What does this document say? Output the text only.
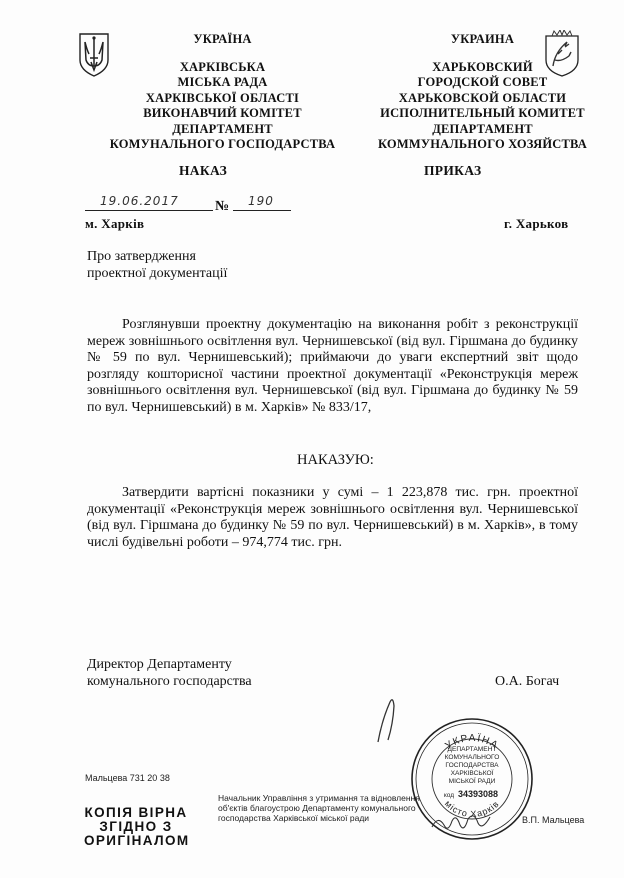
УКРАЇНА
ХАРКІВСЬКА
МІСЬКА РАДА
ХАРКІВСЬКОЇ ОБЛАСТІ
ВИКОНАВЧИЙ КОМІТЕТ
ДЕПАРТАМЕНТ
КОМУНАЛЬНОГО ГОСПОДАРСТВА
УКРАИНА
ХАРЬКОВСКИЙ
ГОРОДСКОЙ СОВЕТ
ХАРЬКОВСКОЙ ОБЛАСТИ
ИСПОЛНИТЕЛЬНЫЙ КОМИТЕТ
ДЕПАРТАМЕНТ
КОММУНАЛЬНОГО ХОЗЯЙСТВА
НАКАЗ	ПРИКАЗ
19.06.2017	№ 190
м. Харків	г. Харьков
Про затвердження
проектної документації
Розглянувши проектну документацію на виконання робіт з реконструкції мереж зовнішнього освітлення вул. Чернишевської (від вул. Гіршмана до будинку № 59 по вул. Чернишевський); приймаючи до уваги експертний звіт щодо розгляду кошторисної частини проектної документації «Реконструкція мереж зовнішнього освітлення вул. Чернишевської (від вул. Гіршмана до будинку № 59 по вул. Чернишевський) в м. Харків» № 833/17,
НАКАЗУЮ:
Затвердити вартісні показники у сумі – 1 223,878 тис. грн. проектної документації «Реконструкція мереж зовнішнього освітлення вул. Чернишевської (від вул. Гіршмана до будинку № 59 по вул. Чернишевський) в м. Харків», в тому числі будівельні роботи – 974,774 тис. грн.
Директор Департаменту
комунального господарства	О.А. Богач
Мальцева 731 20 38
КОПІЯ ВІРНА
ЗГІДНО З
ОРИГІНАЛОМ
Начальник Управління з утримання та відновлення
об'єктів благоустрою Департаменту комунального
господарства Харківської міської ради	В.П. Мальцева
УКРАЇНА
місто Харків
ДЕПАРТАМЕНТ
КОМУНАЛЬНОГО
ГОСПОДАРСТВА
ХАРКІВСЬКОЇ
МІСЬКОЇ РАДИ
код 34393088
